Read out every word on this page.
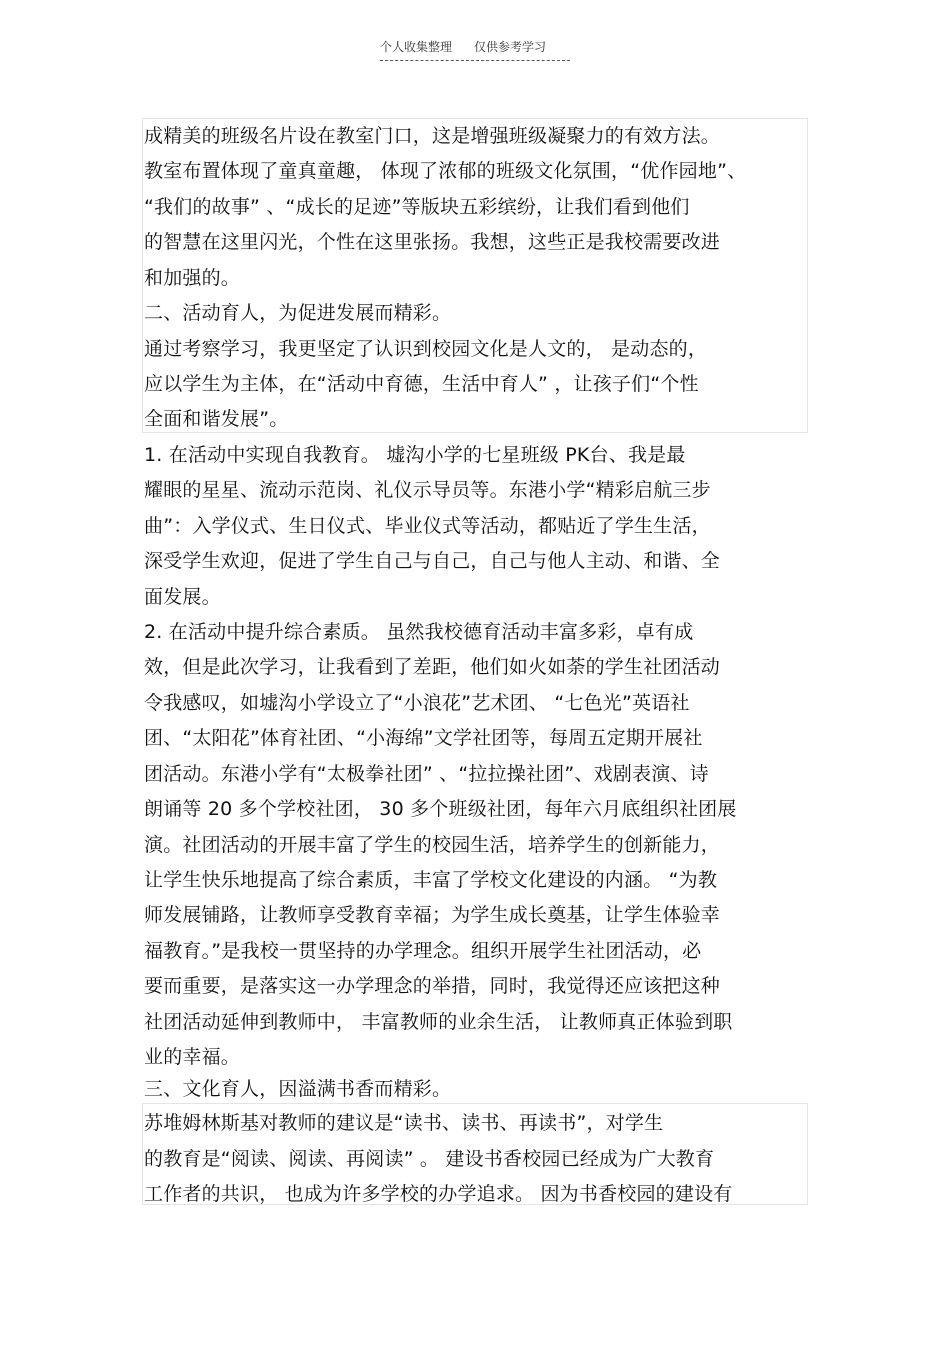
个人收集整理 仅供参考学习
成精美的班级名片设在教室门口，这是增强班级凝聚力的有效方法。
教室布置体现了童真童趣， 体现了浓郁的班级文化氛围，“优作园地”、
“我们的故事” 、“成长的足迹”等版块五彩缤纷，让我们看到他们
的智慧在这里闪光，个性在这里张扬。我想，这些正是我校需要改进
和加强的。
二、活动育人，为促进发展而精彩。
通过考察学习，我更坚定了认识到校园文化是人文的， 是动态的，
应以学生为主体，在“活动中育德，生活中育人” ，让孩子们“个性
全面和谐发展”。
1. 在活动中实现自我教育。 墟沟小学的七星班级 PK台、我是最
耀眼的星星、流动示范岗、礼仪示导员等。东港小学“精彩启航三步
曲”：入学仪式、生日仪式、毕业仪式等活动，都贴近了学生生活，
深受学生欢迎，促进了学生自己与自己，自己与他人主动、和谐、全
面发展。
2. 在活动中提升综合素质。 虽然我校德育活动丰富多彩，卓有成
效，但是此次学习，让我看到了差距，他们如火如荼的学生社团活动
令我感叹，如墟沟小学设立了“小浪花”艺术团、 “七色光”英语社
团、“太阳花”体育社团、“小海绵”文学社团等，每周五定期开展社
团活动。东港小学有“太极拳社团” 、“拉拉操社团”、戏剧表演、诗
朗诵等 20 多个学校社团， 30 多个班级社团，每年六月底组织社团展
演。社团活动的开展丰富了学生的校园生活，培养学生的创新能力，
让学生快乐地提高了综合素质，丰富了学校文化建设的内涵。 “为教
师发展铺路，让教师享受教育幸福；为学生成长奠基，让学生体验幸
福教育。”是我校一贯坚持的办学理念。组织开展学生社团活动，必
要而重要，是落实这一办学理念的举措，同时，我觉得还应该把这种
社团活动延伸到教师中， 丰富教师的业余生活， 让教师真正体验到职
业的幸福。
三、文化育人，因溢满书香而精彩。
苏堆姆林斯基对教师的建议是“读书、读书、再读书”，对学生
的教育是“阅读、阅读、再阅读” 。 建设书香校园已经成为广大教育
工作者的共识， 也成为许多学校的办学追求。 因为书香校园的建设有
